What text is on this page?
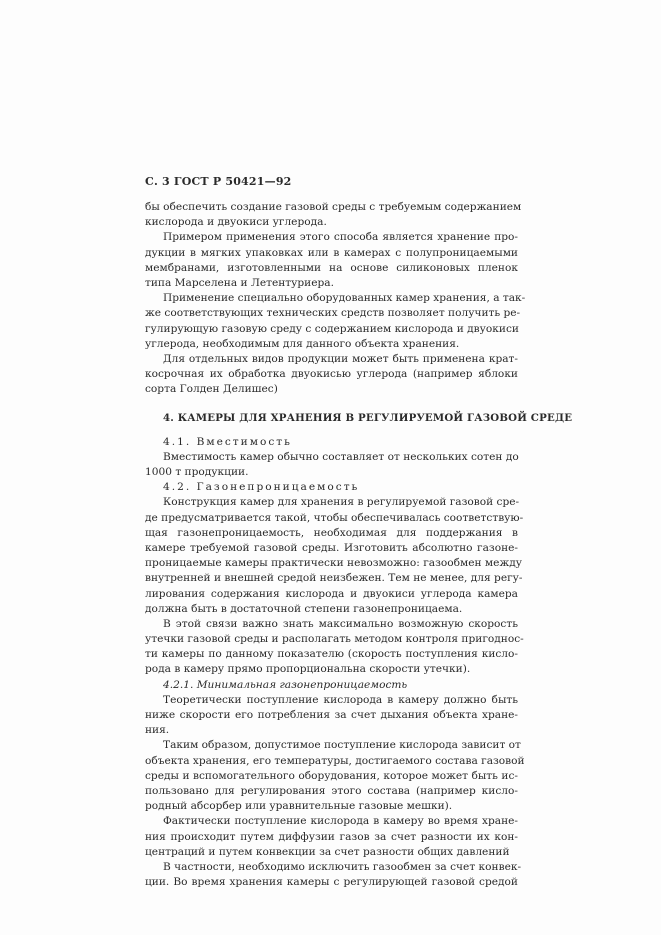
С. 3 ГОСТ Р 50421—92
бы обеспечить создание газовой среды с требуемым содержанием
кислорода и двуокиси углерода.
Примером применения этого способа является хранение про-
дукции в мягких упаковках или в камерах с полупроницаемыми
мембранами, изготовленными на основе силиконовых пленок
типа Марселена и Летентуриера.
Применение специально оборудованных камер хранения, а так-
же соответствующих технических средств позволяет получить ре-
гулирующую газовую среду с содержанием кислорода и двуокиси
углерода, необходимым для данного объекта хранения.
Для отдельных видов продукции может быть применена крат-
косрочная их обработка двуокисью углерода (например яблоки
сорта Голден Делишес)
4. КАМЕРЫ ДЛЯ ХРАНЕНИЯ В РЕГУЛИРУЕМОЙ ГАЗОВОЙ СРЕДЕ
4.1. Вместимость
Вместимость камер обычно составляет от нескольких сотен до
1000 т продукции.
4.2. Газонепроницаемость
Конструкция камер для хранения в регулируемой газовой сре-
де предусматривается такой, чтобы обеспечивалась соответствую-
щая газонепроницаемость, необходимая для поддержания в
камере требуемой газовой среды. Изготовить абсолютно газоне-
проницаемые камеры практически невозможно: газообмен между
внутренней и внешней средой неизбежен. Тем не менее, для регу-
лирования содержания кислорода и двуокиси углерода камера
должна быть в достаточной степени газонепроницаема.
В этой связи важно знать максимально возможную скорость
утечки газовой среды и располагать методом контроля пригоднос-
ти камеры по данному показателю (скорость поступления кисло-
рода в камеру прямо пропорциональна скорости утечки).
4.2.1. Минимальная газонепроницаемость
Теоретически поступление кислорода в камеру должно быть
ниже скорости его потребления за счет дыхания объекта хране-
ния.
Таким образом, допустимое поступление кислорода зависит от
объекта хранения, его температуры, достигаемого состава газовой
среды и вспомогательного оборудования, которое может быть ис-
пользовано для регулирования этого состава (например кисло-
родный абсорбер или уравнительные газовые мешки).
Фактически поступление кислорода в камеру во время хране-
ния происходит путем диффузии газов за счет разности их кон-
центраций и путем конвекции за счет разности общих давлений
В частности, необходимо исключить газообмен за счет конвек-
ции. Во время хранения камеры с регулирующей газовой средой
